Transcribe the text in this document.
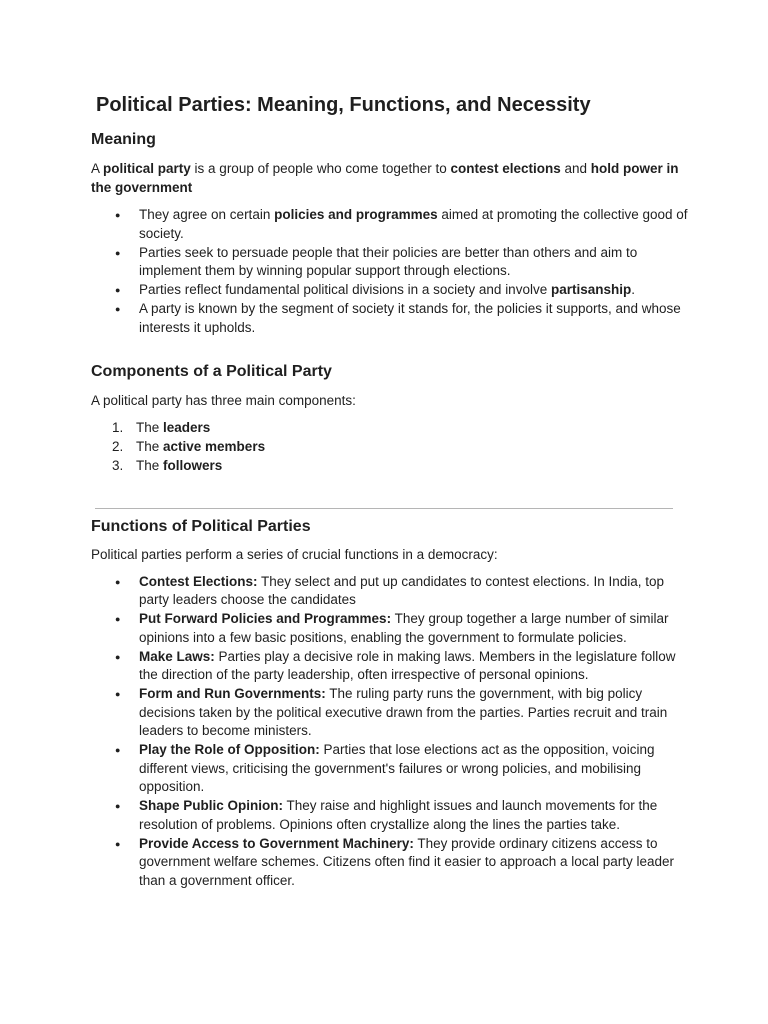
Political Parties: Meaning, Functions, and Necessity
Meaning

A political party is a group of people who come together to contest elections and hold power in the government

● They agree on certain policies and programmes aimed at promoting the collective good of society.
● Parties seek to persuade people that their policies are better than others and aim to implement them by winning popular support through elections.
● Parties reflect fundamental political divisions in a society and involve partisanship.
● A party is known by the segment of society it stands for, the policies it supports, and whose interests it upholds.
Components of a Political Party

A political party has three main components:

1. The leaders
2. The active members
3. The followers
Functions of Political Parties

Political parties perform a series of crucial functions in a democracy:

● Contest Elections: They select and put up candidates to contest elections. In India, top party leaders choose the candidates
● Put Forward Policies and Programmes: They group together a large number of similar opinions into a few basic positions, enabling the government to formulate policies.
● Make Laws: Parties play a decisive role in making laws. Members in the legislature follow the direction of the party leadership, often irrespective of personal opinions.
● Form and Run Governments: The ruling party runs the government, with big policy decisions taken by the political executive drawn from the parties. Parties recruit and train leaders to become ministers.
● Play the Role of Opposition: Parties that lose elections act as the opposition, voicing different views, criticising the government's failures or wrong policies, and mobilising opposition.
● Shape Public Opinion: They raise and highlight issues and launch movements for the resolution of problems. Opinions often crystallize along the lines the parties take.
● Provide Access to Government Machinery: They provide ordinary citizens access to government welfare schemes. Citizens often find it easier to approach a local party leader than a government officer.
